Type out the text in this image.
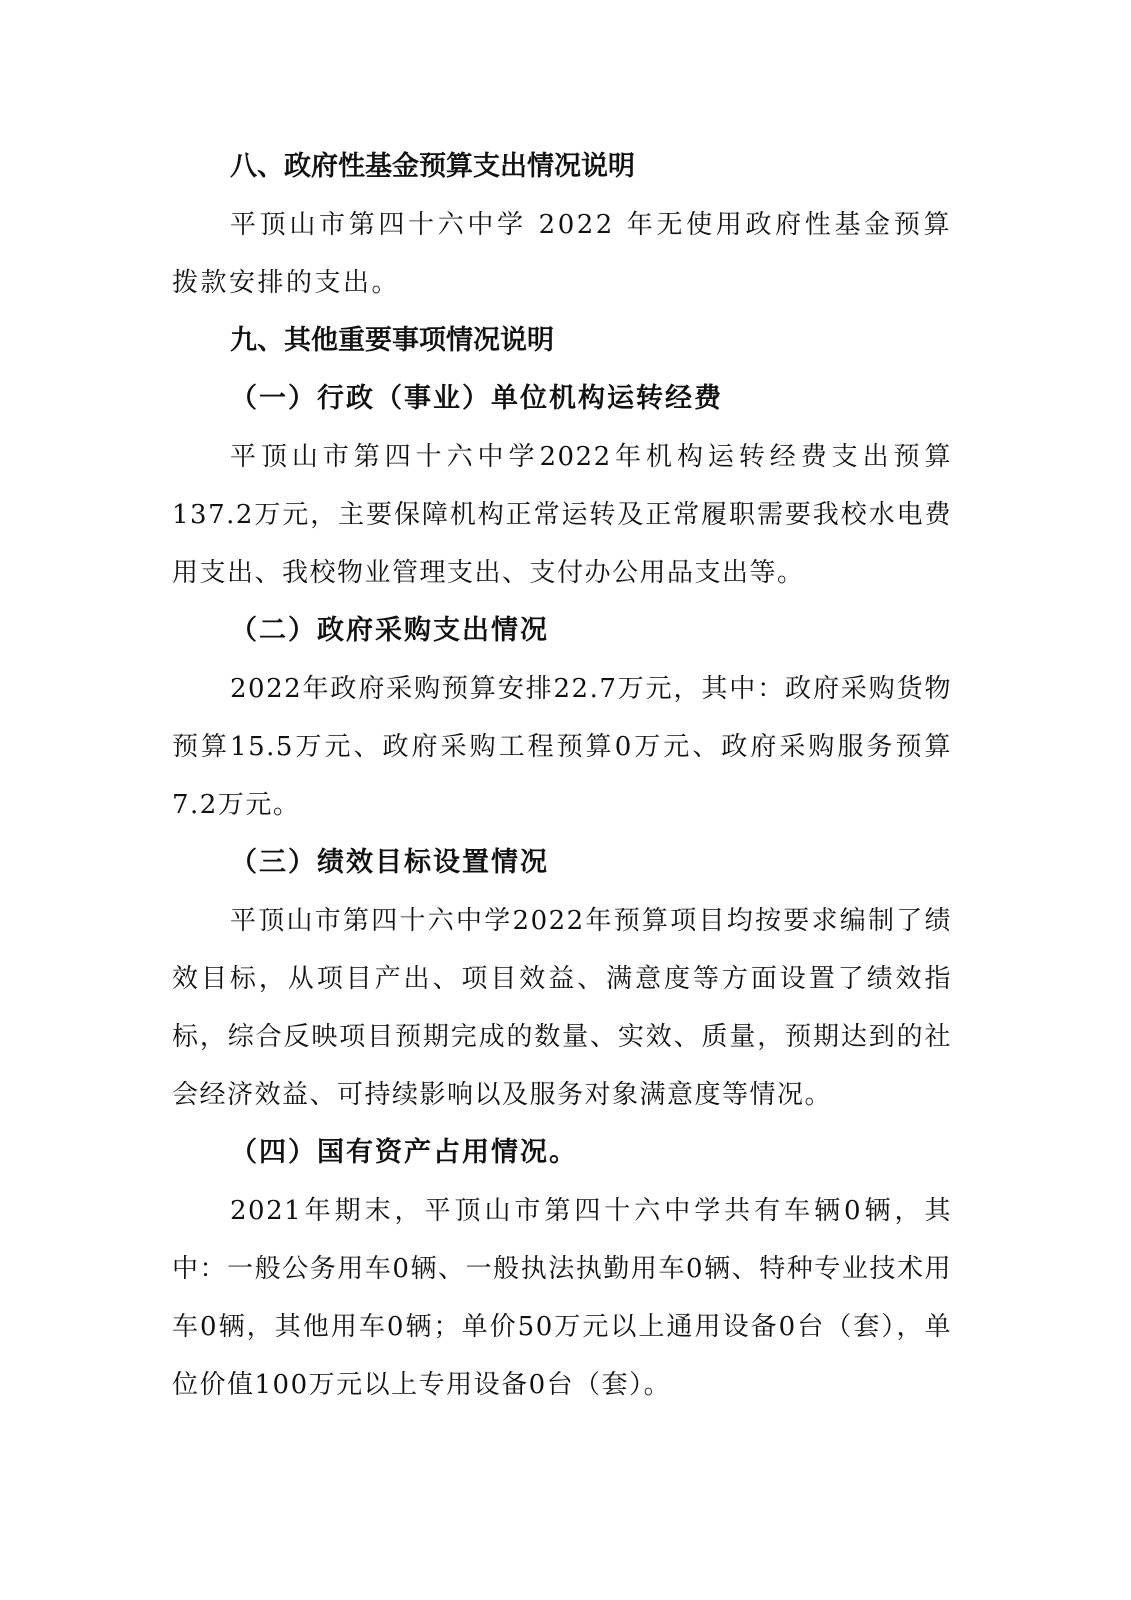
八、政府性基金预算支出情况说明

平顶山市第四十六中学 2022 年无使用政府性基金预算拨款安排的支出。

九、其他重要事项情况说明

（一）行政（事业）单位机构运转经费

平顶山市第四十六中学2022年机构运转经费支出预算137.2万元，主要保障机构正常运转及正常履职需要我校水电费用支出、我校物业管理支出、支付办公用品支出等。

（二）政府采购支出情况

2022年政府采购预算安排22.7万元，其中：政府采购货物预算15.5万元、政府采购工程预算0万元、政府采购服务预算7.2万元。

（三）绩效目标设置情况

平顶山市第四十六中学2022年预算项目均按要求编制了绩效目标，从项目产出、项目效益、满意度等方面设置了绩效指标，综合反映项目预期完成的数量、实效、质量，预期达到的社会经济效益、可持续影响以及服务对象满意度等情况。

（四）国有资产占用情况。

2021年期末，平顶山市第四十六中学共有车辆0辆，其中：一般公务用车0辆、一般执法执勤用车0辆、特种专业技术用车0辆，其他用车0辆；单价50万元以上通用设备0台（套），单位价值100万元以上专用设备0台（套）。
